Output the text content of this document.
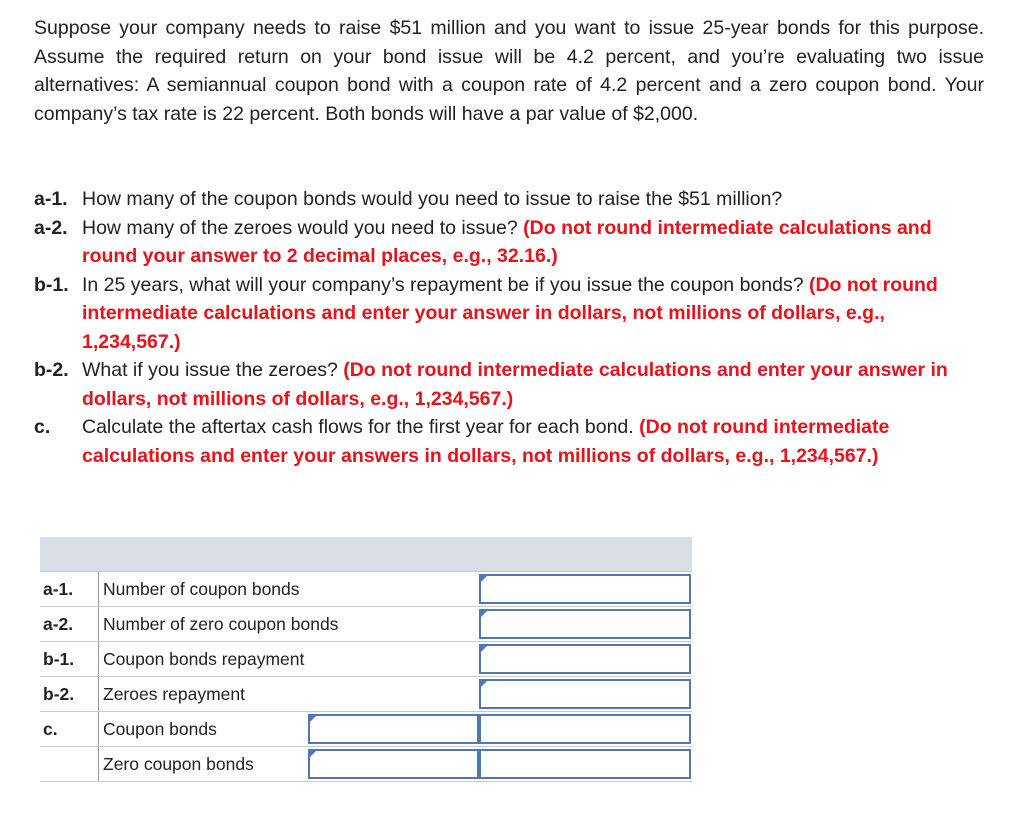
Suppose your company needs to raise $51 million and you want to issue 25-year bonds for this purpose. Assume the required return on your bond issue will be 4.2 percent, and you’re evaluating two issue alternatives: A semiannual coupon bond with a coupon rate of 4.2 percent and a zero coupon bond. Your company’s tax rate is 22 percent. Both bonds will have a par value of $2,000.

a-1. How many of the coupon bonds would you need to issue to raise the $51 million?
a-2. How many of the zeroes would you need to issue? (Do not round intermediate calculations and round your answer to 2 decimal places, e.g., 32.16.)
b-1. In 25 years, what will your company’s repayment be if you issue the coupon bonds? (Do not round intermediate calculations and enter your answer in dollars, not millions of dollars, e.g., 1,234,567.)
b-2. What if you issue the zeroes? (Do not round intermediate calculations and enter your answer in dollars, not millions of dollars, e.g., 1,234,567.)
c.	Calculate the aftertax cash flows for the first year for each bond. (Do not round intermediate calculations and enter your answers in dollars, not millions of dollars, e.g., 1,234,567.)
a-1. Number of coupon bonds
a-2. Number of zero coupon bonds
b-1. Coupon bonds repayment
b-2. Zeroes repayment
c.	Coupon bonds
Zero coupon bonds
